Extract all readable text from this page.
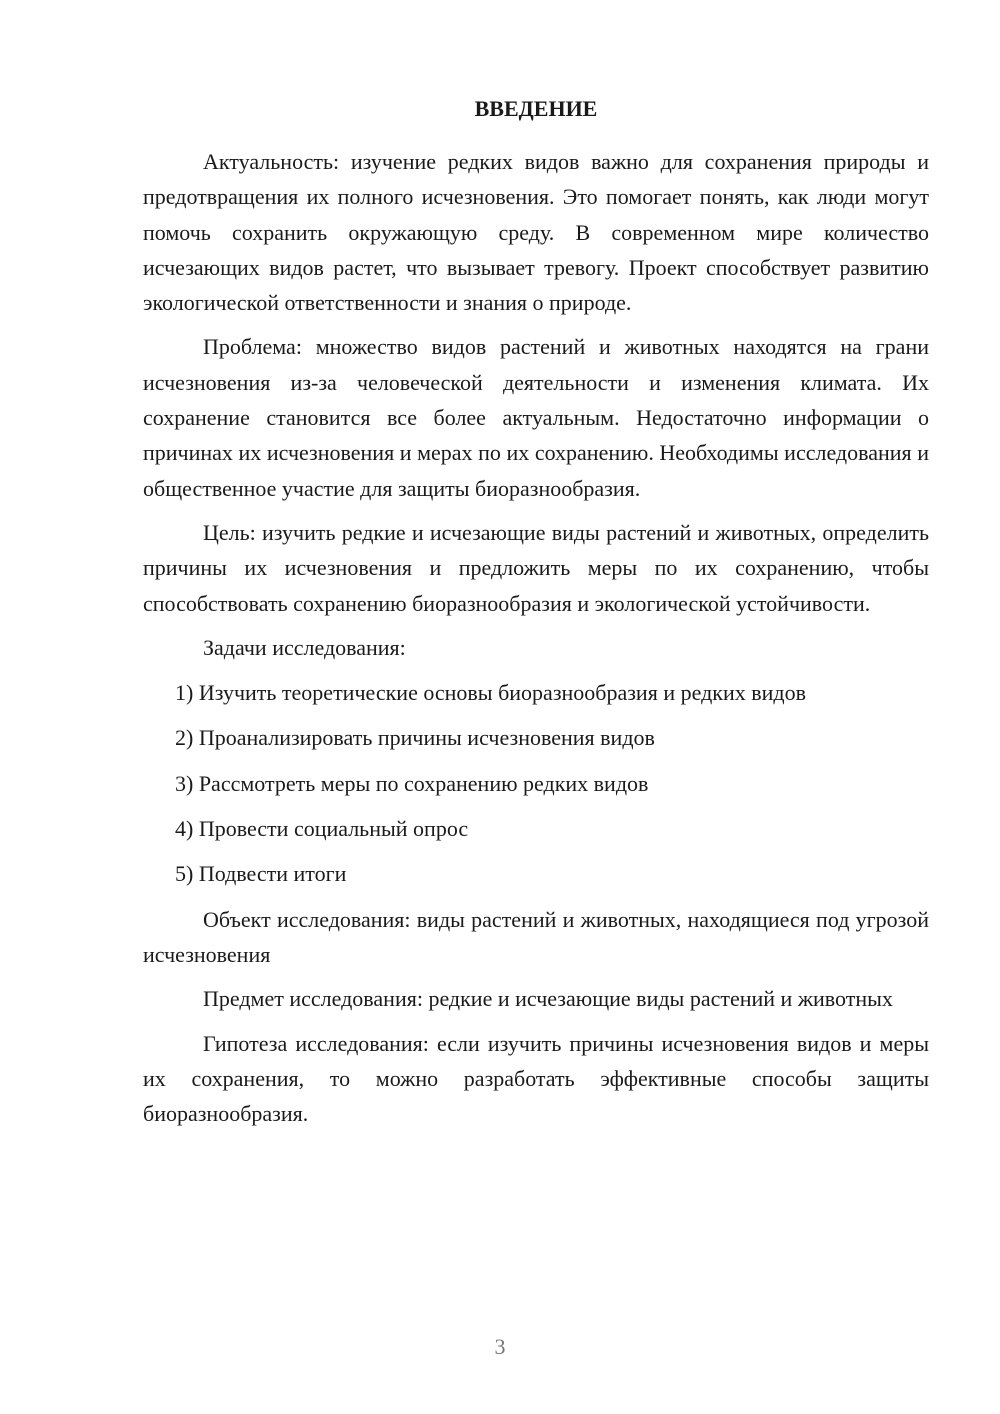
ВВЕДЕНИЕ

Актуальность: изучение редких видов важно для сохранения природы и предотвращения их полного исчезновения. Это помогает понять, как люди могут помочь сохранить окружающую среду. В современном мире количество исчезающих видов растет, что вызывает тревогу. Проект способствует развитию экологической ответственности и знания о природе.

Проблема: множество видов растений и животных находятся на грани исчезновения из-за человеческой деятельности и изменения климата. Их сохранение становится все более актуальным. Недостаточно информации о причинах их исчезновения и мерах по их сохранению. Необходимы исследования и общественное участие для защиты биоразнообразия.

Цель: изучить редкие и исчезающие виды растений и животных, определить причины их исчезновения и предложить меры по их сохранению, чтобы способствовать сохранению биоразнообразия и экологической устойчивости.

Задачи исследования:

1) Изучить теоретические основы биоразнообразия и редких видов
2) Проанализировать причины исчезновения видов
3) Рассмотреть меры по сохранению редких видов
4) Провести социальный опрос
5) Подвести итоги

Объект исследования: виды растений и животных, находящиеся под угрозой исчезновения

Предмет исследования: редкие и исчезающие виды растений и животных

Гипотеза исследования: если изучить причины исчезновения видов и меры их сохранения, то можно разработать эффективные способы защиты биоразнообразия.

3
